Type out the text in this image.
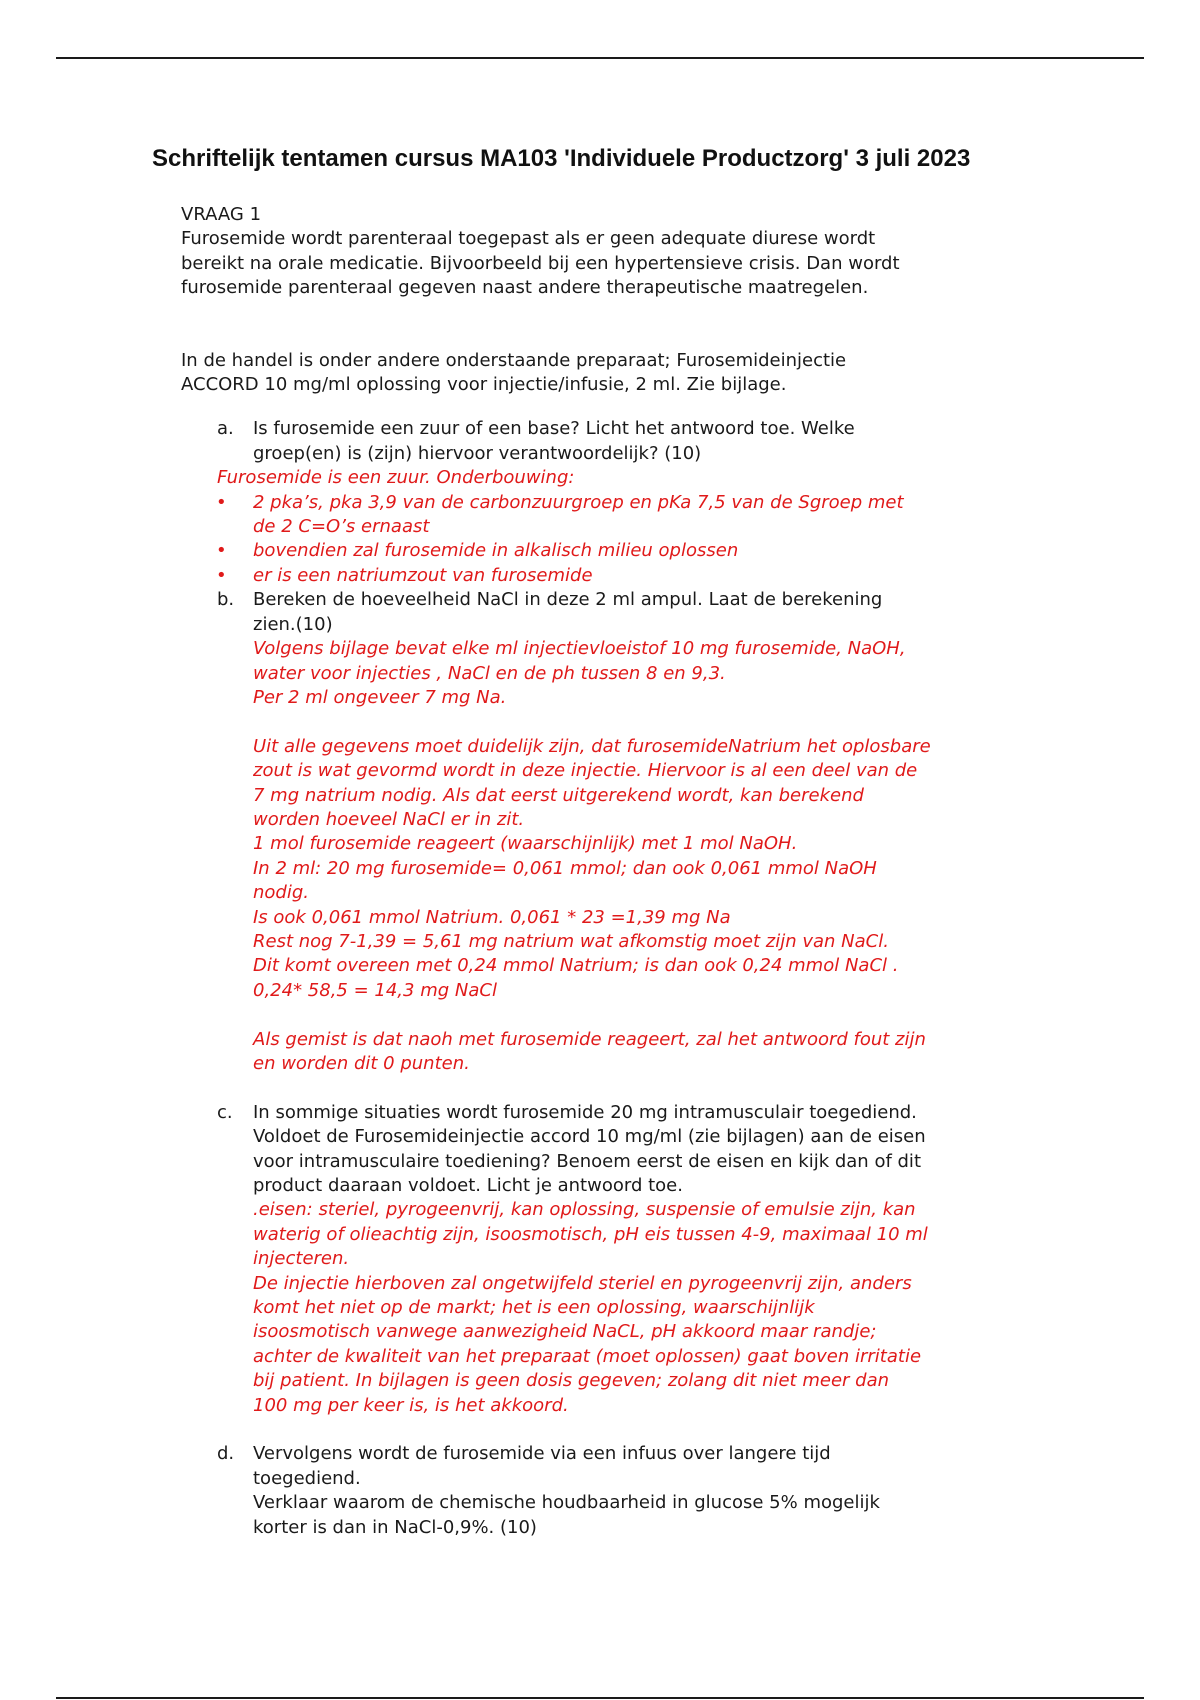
Schriftelijk tentamen cursus MA103 'Individuele Productzorg' 3 juli 2023

VRAAG 1

Furosemide wordt parenteraal toegepast als er geen adequate diurese wordt

bereikt na orale medicatie. Bijvoorbeeld bij een hypertensieve crisis. Dan wordt

furosemide parenteraal gegeven naast andere therapeutische maatregelen.

In de handel is onder andere onderstaande preparaat; Furosemideinjectie

ACCORD 10 mg/ml oplossing voor injectie/infusie, 2 ml. Zie bijlage.

a. Is furosemide een zuur of een base? Licht het antwoord toe. Welke

groep(en) is (zijn) hiervoor verantwoordelijk? (10)

Furosemide is een zuur. Onderbouwing:

• 2 pka’s, pka 3,9 van de carbonzuurgroep en pKa 7,5 van de Sgroep met

de 2 C=O’s ernaast

• bovendien zal furosemide in alkalisch milieu oplossen

• er is een natriumzout van furosemide

b. Bereken de hoeveelheid NaCl in deze 2 ml ampul. Laat de berekening

zien.(10)

Volgens bijlage bevat elke ml injectievloeistof 10 mg furosemide, NaOH,

water voor injecties , NaCl en de ph tussen 8 en 9,3.

Per 2 ml ongeveer 7 mg Na.

Uit alle gegevens moet duidelijk zijn, dat furosemideNatrium het oplosbare

zout is wat gevormd wordt in deze injectie. Hiervoor is al een deel van de

7 mg natrium nodig. Als dat eerst uitgerekend wordt, kan berekend

worden hoeveel NaCl er in zit.

1 mol furosemide reageert (waarschijnlijk) met 1 mol NaOH.

In 2 ml: 20 mg furosemide= 0,061 mmol; dan ook 0,061 mmol NaOH

nodig.

Is ook 0,061 mmol Natrium. 0,061 * 23 =1,39 mg Na

Rest nog 7-1,39 = 5,61 mg natrium wat afkomstig moet zijn van NaCl.

Dit komt overeen met 0,24 mmol Natrium; is dan ook 0,24 mmol NaCl .

0,24* 58,5 = 14,3 mg NaCl

Als gemist is dat naoh met furosemide reageert, zal het antwoord fout zijn

en worden dit 0 punten.

c. In sommige situaties wordt furosemide 20 mg intramusculair toegediend.

Voldoet de Furosemideinjectie accord 10 mg/ml (zie bijlagen) aan de eisen

voor intramusculaire toediening? Benoem eerst de eisen en kijk dan of dit

product daaraan voldoet. Licht je antwoord toe.

.eisen: steriel, pyrogeenvrij, kan oplossing, suspensie of emulsie zijn, kan

waterig of olieachtig zijn, isoosmotisch, pH eis tussen 4-9, maximaal 10 ml

injecteren.

De injectie hierboven zal ongetwijfeld steriel en pyrogeenvrij zijn, anders

komt het niet op de markt; het is een oplossing, waarschijnlijk

isoosmotisch vanwege aanwezigheid NaCL, pH akkoord maar randje;

achter de kwaliteit van het preparaat (moet oplossen) gaat boven irritatie

bij patient. In bijlagen is geen dosis gegeven; zolang dit niet meer dan

100 mg per keer is, is het akkoord.

d. Vervolgens wordt de furosemide via een infuus over langere tijd

toegediend.

Verklaar waarom de chemische houdbaarheid in glucose 5% mogelijk

korter is dan in NaCl-0,9%. (10)
